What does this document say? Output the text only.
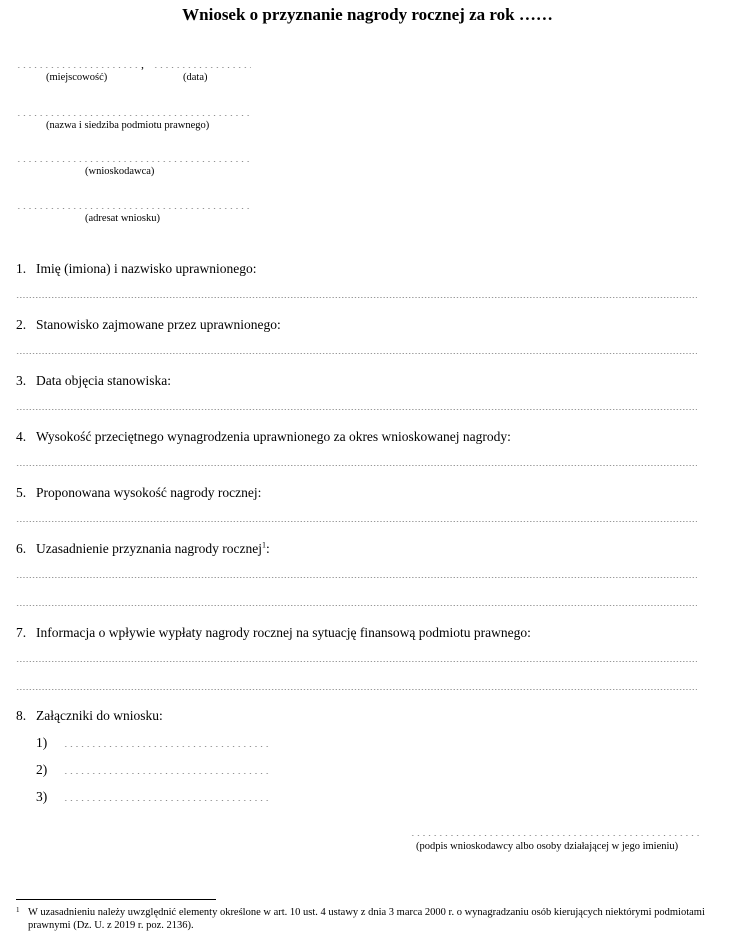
Wniosek o przyznanie nagrody rocznej za rok ……
,
(miejscowość)	(data)
(nazwa i siedziba podmiotu prawnego)
(wnioskodawca)
(adresat wniosku)
1. Imię (imiona) i nazwisko uprawnionego:
2. Stanowisko zajmowane przez uprawnionego:
3. Data objęcia stanowiska:
4. Wysokość przeciętnego wynagrodzenia uprawnionego za okres wnioskowanej nagrody:
5. Proponowana wysokość nagrody rocznej:
6. Uzasadnienie przyznania nagrody rocznej$^1$:
7. Informacja o wpływie wypłaty nagrody rocznej na sytuację finansową podmiotu prawnego:
8. Załączniki do wniosku:
1)
2)
3)
(podpis wnioskodawcy albo osoby działającej w jego imieniu)
1 W uzasadnieniu należy uwzględnić elementy określone w art. 10 ust. 4 ustawy z dnia 3 marca 2000 r. o wynagradzaniu osób kierujących niektórymi podmiotami prawnymi (Dz. U. z 2019 r. poz. 2136).
